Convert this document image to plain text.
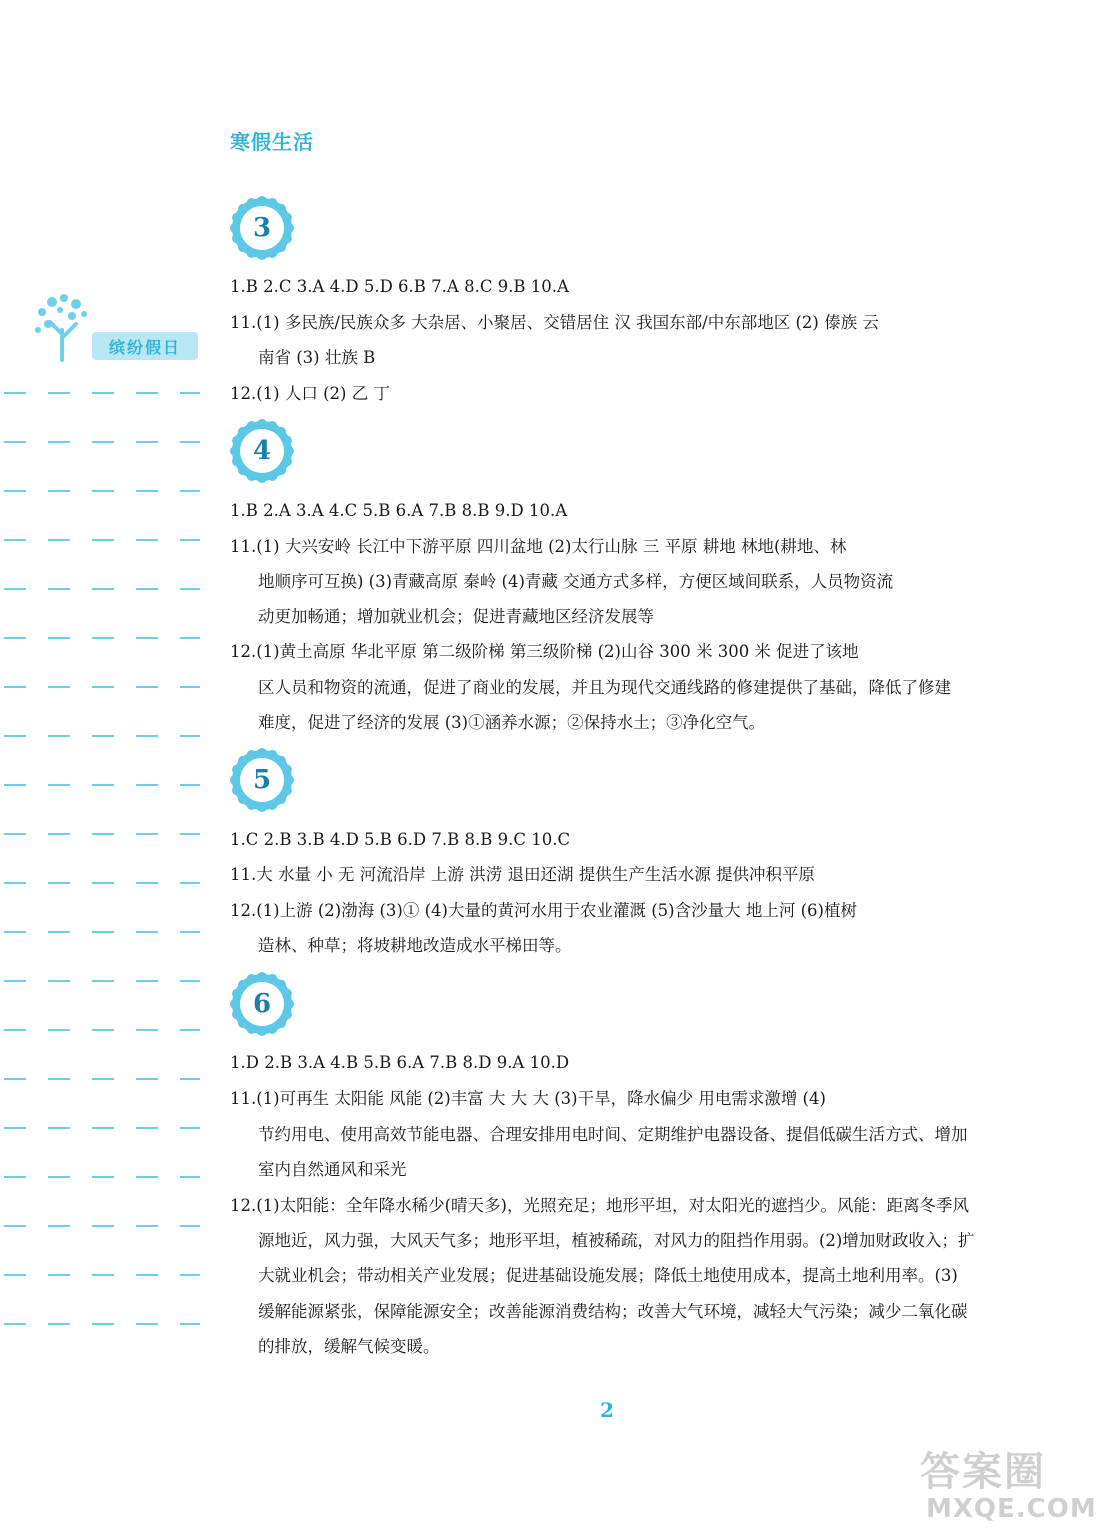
寒假生活
缤纷假日
3
1.B 2.C 3.A 4.D 5.D 6.B 7.A 8.C 9.B 10.A
11.(1) 多民族/民族众多 大杂居、小聚居、交错居住 汉 我国东部/中东部地区 (2) 傣族 云
南省 (3) 壮族 B
12.(1) 人口 (2) 乙 丁
4
1.B 2.A 3.A 4.C 5.B 6.A 7.B 8.B 9.D 10.A
11.(1) 大兴安岭 长江中下游平原 四川盆地 (2)太行山脉 三 平原 耕地 林地(耕地、林
地顺序可互换) (3)青藏高原 秦岭 (4)青藏 交通方式多样，方便区域间联系，人员物资流
动更加畅通；增加就业机会；促进青藏地区经济发展等
12.(1)黄土高原 华北平原 第二级阶梯 第三级阶梯 (2)山谷 300 米 300 米 促进了该地
区人员和物资的流通，促进了商业的发展，并且为现代交通线路的修建提供了基础，降低了修建
难度，促进了经济的发展 (3)①涵养水源；②保持水土；③净化空气。
5
1.C 2.B 3.B 4.D 5.B 6.D 7.B 8.B 9.C 10.C
11.大 水量 小 无 河流沿岸 上游 洪涝 退田还湖 提供生产生活水源 提供冲积平原
12.(1)上游 (2)渤海 (3)① (4)大量的黄河水用于农业灌溉 (5)含沙量大 地上河 (6)植树
造林、种草；将坡耕地改造成水平梯田等。
6
1.D 2.B 3.A 4.B 5.B 6.A 7.B 8.D 9.A 10.D
11.(1)可再生 太阳能 风能 (2)丰富 大 大 大 (3)干旱，降水偏少 用电需求激增 (4)
节约用电、使用高效节能电器、合理安排用电时间、定期维护电器设备、提倡低碳生活方式、增加
室内自然通风和采光
12.(1)太阳能：全年降水稀少(晴天多)，光照充足；地形平坦，对太阳光的遮挡少。风能：距离冬季风
源地近，风力强，大风天气多；地形平坦，植被稀疏，对风力的阻挡作用弱。(2)增加财政收入；扩
大就业机会；带动相关产业发展；促进基础设施发展；降低土地使用成本，提高土地利用率。(3)
缓解能源紧张，保障能源安全；改善能源消费结构；改善大气环境，减轻大气污染；减少二氧化碳
的排放，缓解气候变暖。
2
答案圈
MXQE.COM
